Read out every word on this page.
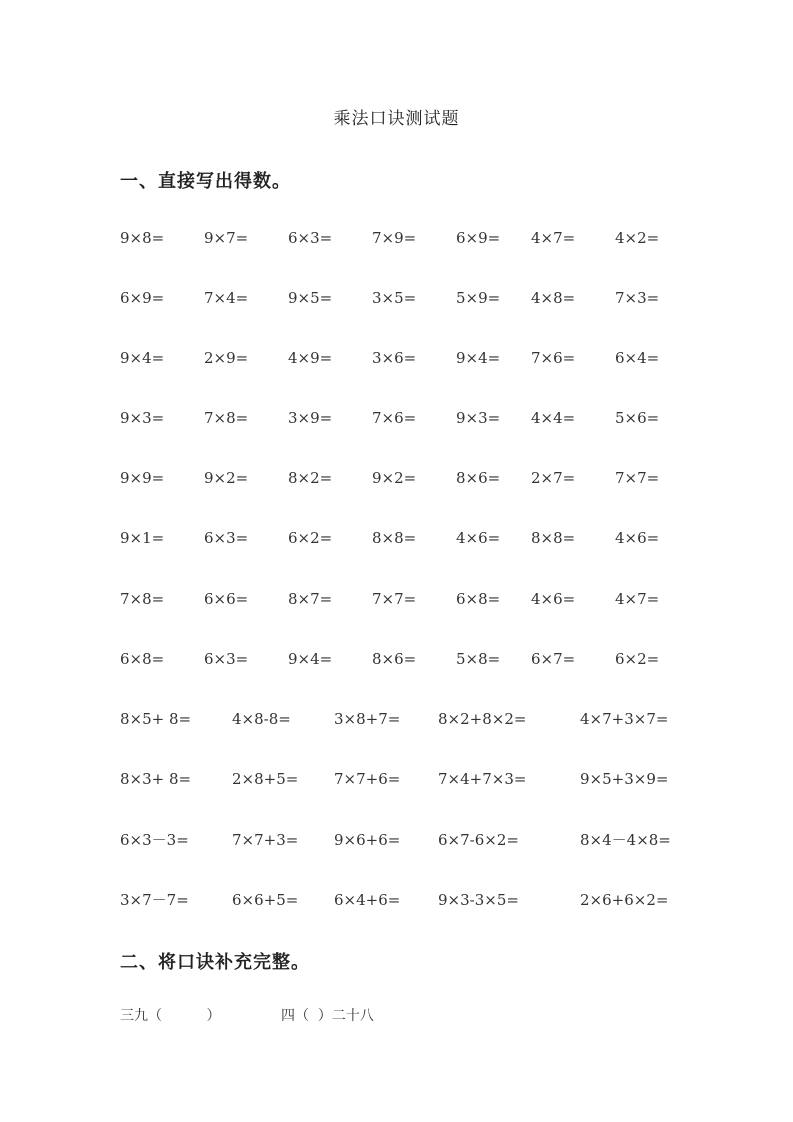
乘法口诀测试题
一、直接写出得数。
9×8=	9×7=	6×3=	7×9=	6×9= 4×7=	4×2=
6×9=	7×4=	9×5=	3×5=	5×9= 4×8=	7×3=
9×4=	2×9=	4×9=	3×6=	9×4= 7×6=	6×4=
9×3=	7×8=	3×9=	7×6=	9×3= 4×4=	5×6=
9×9=	9×2=	8×2=	9×2=	8×6= 2×7=	7×7=
9×1=	6×3=	6×2=	8×8=	4×6= 8×8=	4×6=
7×8=	6×6=	8×7=	7×7=	6×8= 4×6=	4×7=
6×8=	6×3=	9×4=	8×6=	5×8= 6×7=	6×2=
8×5+ 8=	4×8-8=	3×8+7=	8×2+8×2=	4×7+3×7=
8×3+ 8=	2×8+5= 7×7+6=	7×4+7×3=	9×5+3×9=
6×3－3=	7×7+3= 9×6+6=	6×7-6×2=	8×4－4×8=
3×7－7=	6×6+5= 6×4+6=	9×3-3×5=	2×6+6×2=
二、将口诀补充完整。
三九（          ）	四（  ）二十八
